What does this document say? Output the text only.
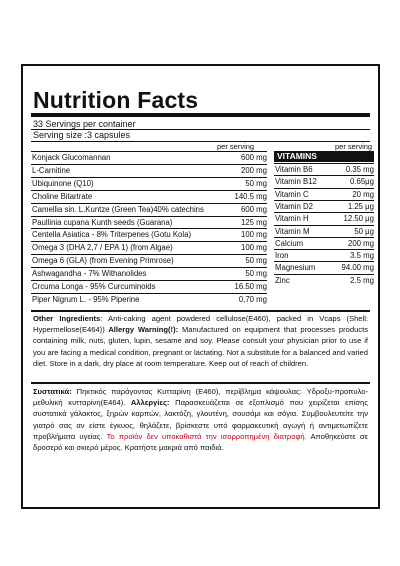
Nutrition Facts
33 Servings per container
Serving size :3 capsules
per serving	per serving
Konjack Glucomannan	600 mg
L-Carnitine	200 mg
Ubiquinone (Q10)	50 mg
Choline Bitartrate	140.5 mg
Camellia sin. L.Kuntze (Green Tea)40% catechins	600 mg
Paullinia cupana Kunth seeds (Guarana)	125 mg
Centella Asiatica - 8% Triterpenes (Gotu Kola)	100 mg
Omega 3 (DHA 2,7 / EPA 1) (from Algae)	100 mg
Omega 6 (GLA) (from Evening Primrose)	50 mg
Ashwagandha - 7% Withanolides	50 mg
Crcuma Longa - 95% Curcuminoids	16.50 mg
Piper Nigrum L. - 95% Piperine	0,70 mg
VITAMINS
Vitamin B6	0.35 mg
Vitamin B12	0.65μg
Vitamin C	20 mg
Vitamin D2	1.25 μg
Vitamin H	12.50 μg
Vitamin M	50 μg
Calcium	200 mg
Iron	3.5 mg
Magnesium	94.00 mg
Zinc	2.5 mg
Other Ingredients: Anti-caking agent powdered cellulose(E460), packed in Vcaps (Shell: Hypermellose(E464)) Allergy Warning(!): Manufactured on equipment that processes products containing milk, nuts, gluten, lupin, sesame and soy. Please consult your physician prior to use if you are facing a medical condition, pregnant or lactating. Not a substitute for a balanced and varied diet. Store in a dark, dry place at room temperature. Keep out of reach of children.
Συστατικά: Πηκτικός παράγοντας Κυτταρίνη (E460), περίβλημα κάψουλας: Υδροξυ-προπυλο-μεθυλική κυτταρίνη(E464). Αλλεργίες: Παρασκευάζεται σε εξοπλισμό που χειρίζεται επίσης συστατικά γάλακτος, ξηρών καρπών, λακτόζη, γλουτένη, σουσάμι και σόγια. Συμβουλευτείτε την γιατρό σας αν είστε έγκυος, θηλάζετε, βρίσκεστε υπό φαρμακευτική αγωγή ή αντιμετωπίζετε προβλήματα υγείας. Το προϊόν δεν υποκαθιστά την ισορροπημένη διατροφή. Αποθηκεύστε σε δροσερό και σκιερό μέρος. Κρατήστε μακριά από παιδιά.
